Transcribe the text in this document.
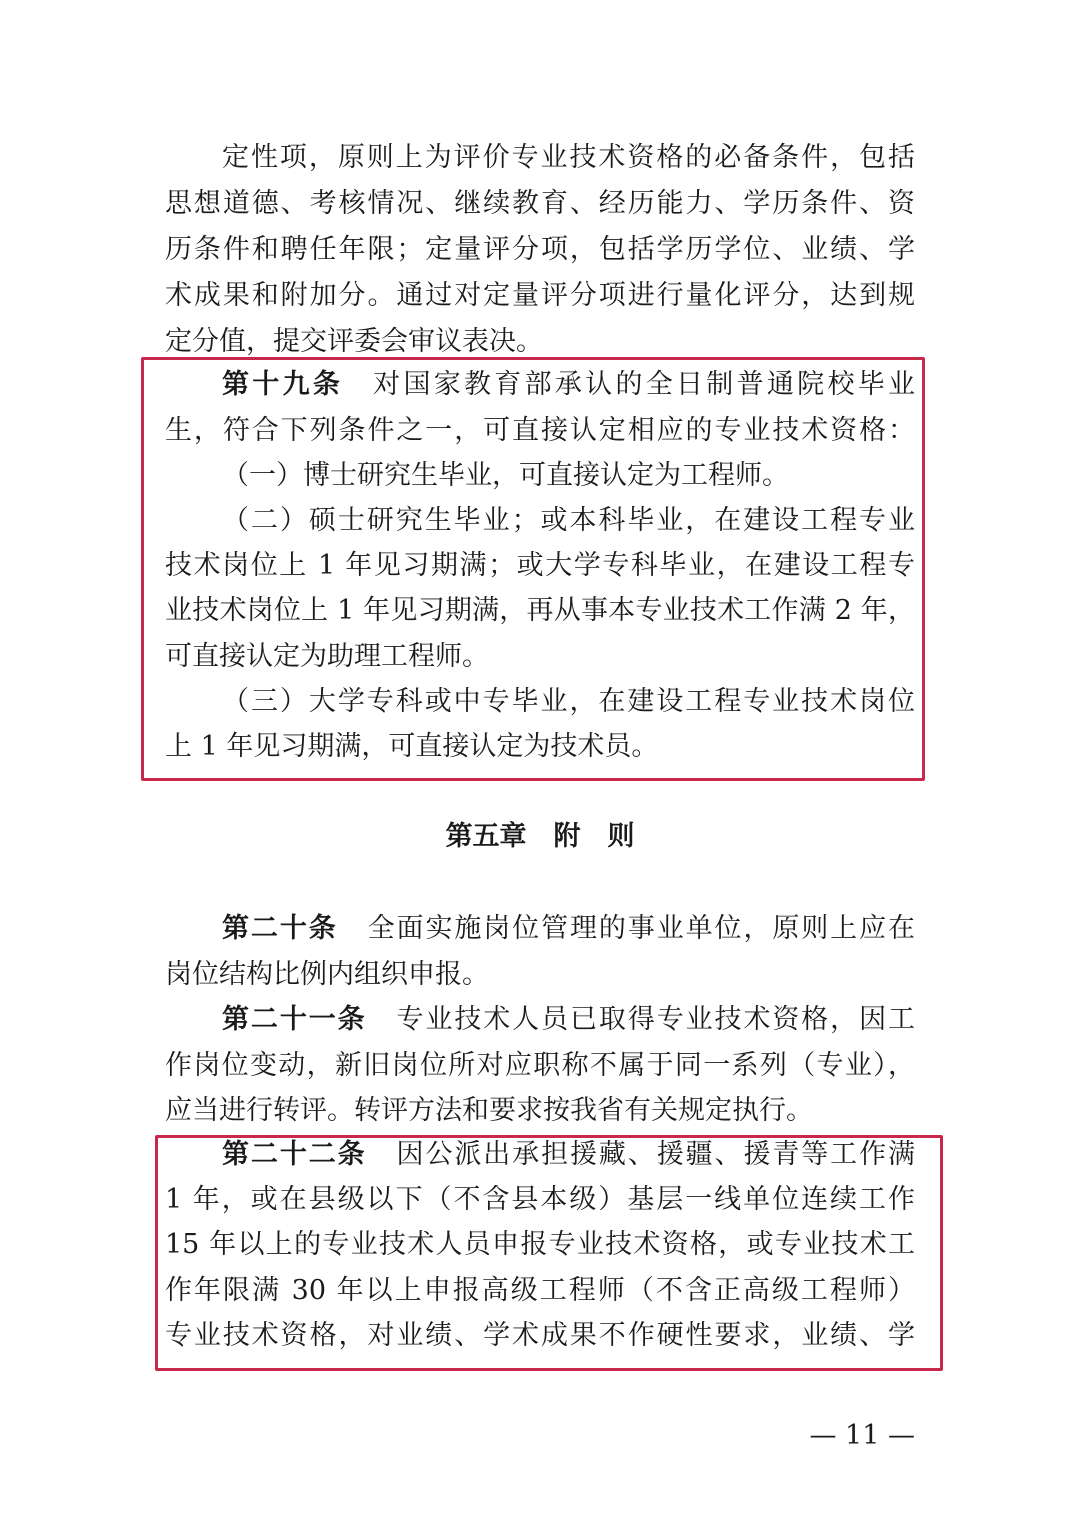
定性项，原则上为评价专业技术资格的必备条件，包括
思想道德、考核情况、继续教育、经历能力、学历条件、资
历条件和聘任年限；定量评分项，包括学历学位、业绩、学
术成果和附加分。通过对定量评分项进行量化评分，达到规
定分值，提交评委会审议表决。
第十九条 对国家教育部承认的全日制普通院校毕业
生，符合下列条件之一，可直接认定相应的专业技术资格：
（一）博士研究生毕业，可直接认定为工程师。
（二）硕士研究生毕业；或本科毕业，在建设工程专业
技术岗位上 1 年见习期满；或大学专科毕业，在建设工程专
业技术岗位上 1 年见习期满，再从事本专业技术工作满 2 年，
可直接认定为助理工程师。
（三）大学专科或中专毕业，在建设工程专业技术岗位
上 1 年见习期满，可直接认定为技术员。
第五章　附　则
第二十条 全面实施岗位管理的事业单位，原则上应在
岗位结构比例内组织申报。
第二十一条 专业技术人员已取得专业技术资格，因工
作岗位变动，新旧岗位所对应职称不属于同一系列（专业），
应当进行转评。转评方法和要求按我省有关规定执行。
第二十二条 因公派出承担援藏、援疆、援青等工作满
1 年，或在县级以下（不含县本级）基层一线单位连续工作
15 年以上的专业技术人员申报专业技术资格，或专业技术工
作年限满 30 年以上申报高级工程师（不含正高级工程师）
专业技术资格，对业绩、学术成果不作硬性要求，业绩、学
— 11 —
